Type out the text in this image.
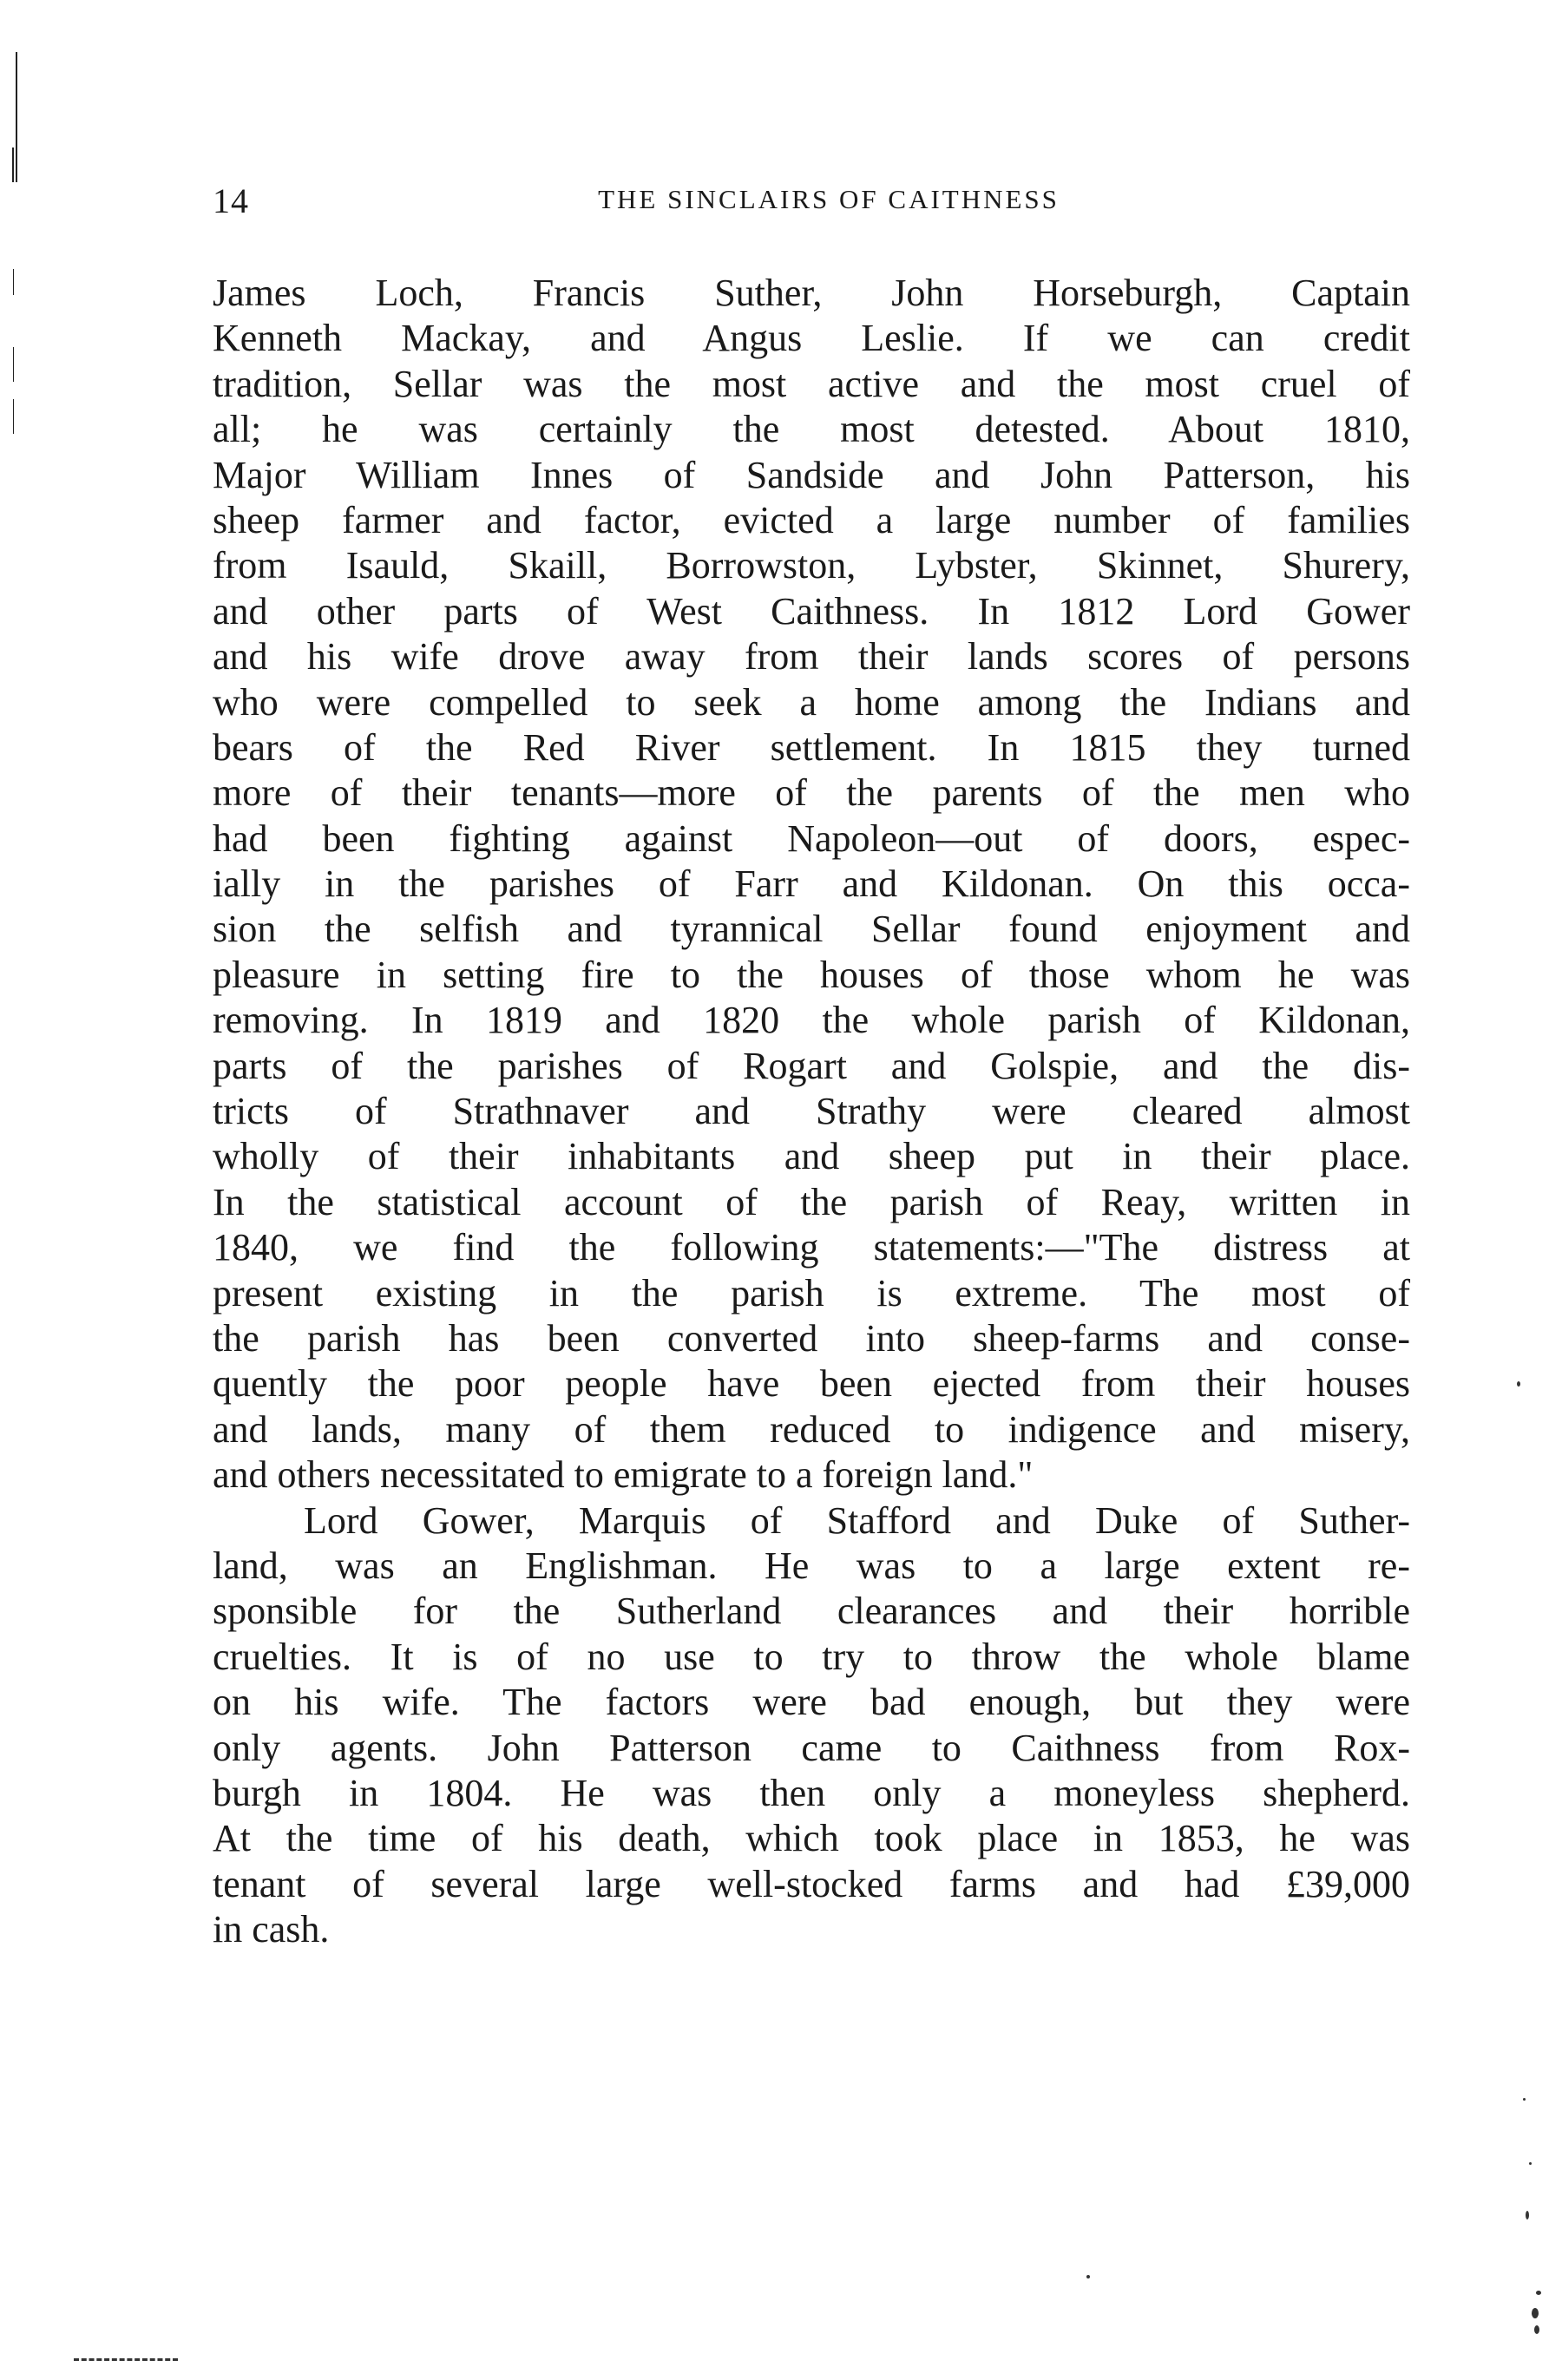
14	THE SINCLAIRS OF CAITHNESS
James Loch, Francis Suther, John Horseburgh, Captain
Kenneth Mackay, and Angus Leslie. If we can credit
tradition, Sellar was the most active and the most cruel of
all; he was certainly the most detested. About 1810,
Major William Innes of Sandside and John Patterson, his
sheep farmer and factor, evicted a large number of families
from Isauld, Skaill, Borrowston, Lybster, Skinnet, Shurery,
and other parts of West Caithness. In 1812 Lord Gower
and his wife drove away from their lands scores of persons
who were compelled to seek a home among the Indians and
bears of the Red River settlement. In 1815 they turned
more of their tenants—more of the parents of the men who
had been fighting against Napoleon—out of doors, espec-
ially in the parishes of Farr and Kildonan. On this occa-
sion the selfish and tyrannical Sellar found enjoyment and
pleasure in setting fire to the houses of those whom he was
removing. In 1819 and 1820 the whole parish of Kildonan,
parts of the parishes of Rogart and Golspie, and the dis-
tricts of Strathnaver and Strathy were cleared almost
wholly of their inhabitants and sheep put in their place.
In the statistical account of the parish of Reay, written in
1840, we find the following statements:—"The distress at
present existing in the parish is extreme. The most of
the parish has been converted into sheep-farms and conse-
quently the poor people have been ejected from their houses
and lands, many of them reduced to indigence and misery,
and others necessitated to emigrate to a foreign land."
Lord Gower, Marquis of Stafford and Duke of Suther-
land, was an Englishman. He was to a large extent re-
sponsible for the Sutherland clearances and their horrible
cruelties. It is of no use to try to throw the whole blame
on his wife. The factors were bad enough, but they were
only agents. John Patterson came to Caithness from Rox-
burgh in 1804. He was then only a moneyless shepherd.
At the time of his death, which took place in 1853, he was
tenant of several large well-stocked farms and had £39,000
in cash.
